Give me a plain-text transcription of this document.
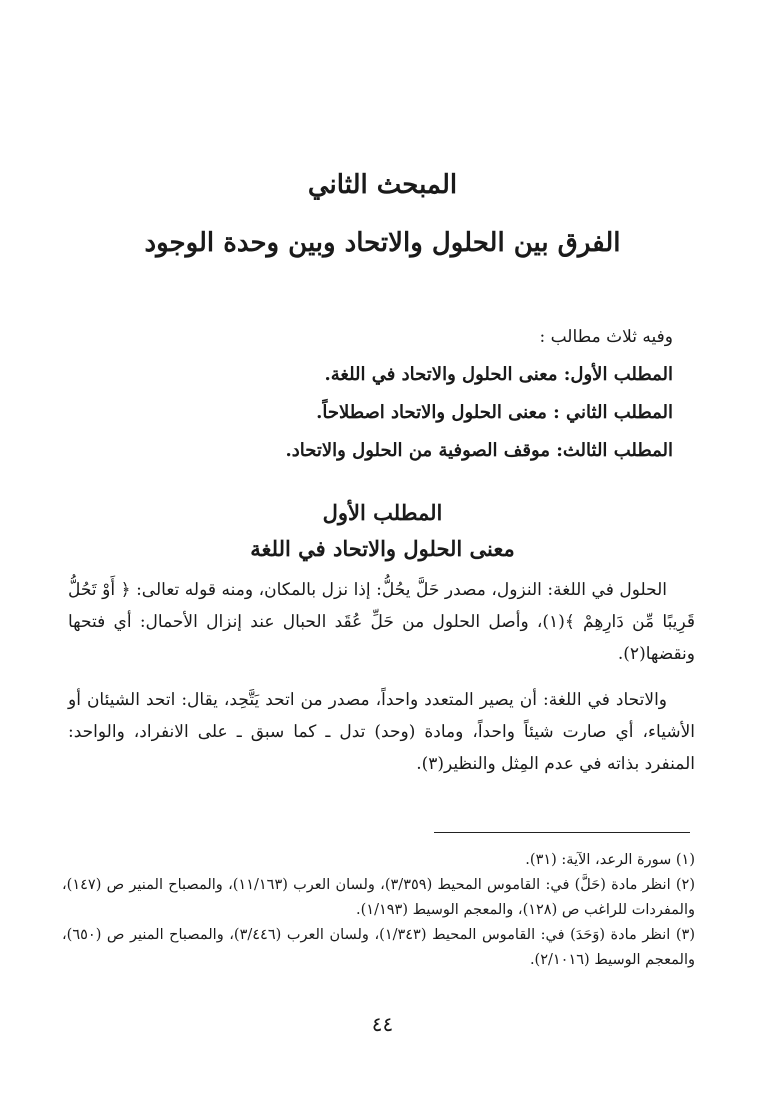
المبحث الثاني
الفرق بين الحلول والاتحاد وبين وحدة الوجود
وفيه ثلاث مطالب :
المطلب الأول: معنى الحلول والاتحاد في اللغة.
المطلب الثاني : معنى الحلول والاتحاد اصطلاحاً.
المطلب الثالث: موقف الصوفية من الحلول والاتحاد.
المطلب الأول
معنى الحلول والاتحاد في اللغة

الحلول في اللغة: النزول، مصدر حَلَّ يحُلُّ: إذا نزل بالمكان، ومنه قوله تعالى: ﴿ أَوْ تَحُلُّ قَرِيبًا مِّن دَارِهِمْ ﴾(١)، وأصل الحلول من حَلِّ عُقَد الحبال عند إنزال الأحمال: أي فتحها ونقضها(٢).

والاتحاد في اللغة: أن يصير المتعدد واحداً، مصدر من اتحد يَتَّحِد، يقال: اتحد الشيئان أو الأشياء، أي صارت شيئاً واحداً، ومادة (وحد) تدل ـ كما سبق ـ على الانفراد، والواحد: المنفرد بذاته في عدم المِثل والنظير(٣).

(١) سورة الرعد، الآية: (٣١).
(٢) انظر مادة (حَلَّ) في: القاموس المحيط (٣/٣٥٩)، ولسان العرب (١١/١٦٣)، والمصباح المنير ص (١٤٧)، والمفردات للراغب ص (١٢٨)، والمعجم الوسيط (١/١٩٣).
(٣) انظر مادة (وَحَدَ) في: القاموس المحيط (١/٣٤٣)، ولسان العرب (٣/٤٤٦)، والمصباح المنير ص (٦٥٠)، والمعجم الوسيط (٢/١٠١٦).
٤٤
